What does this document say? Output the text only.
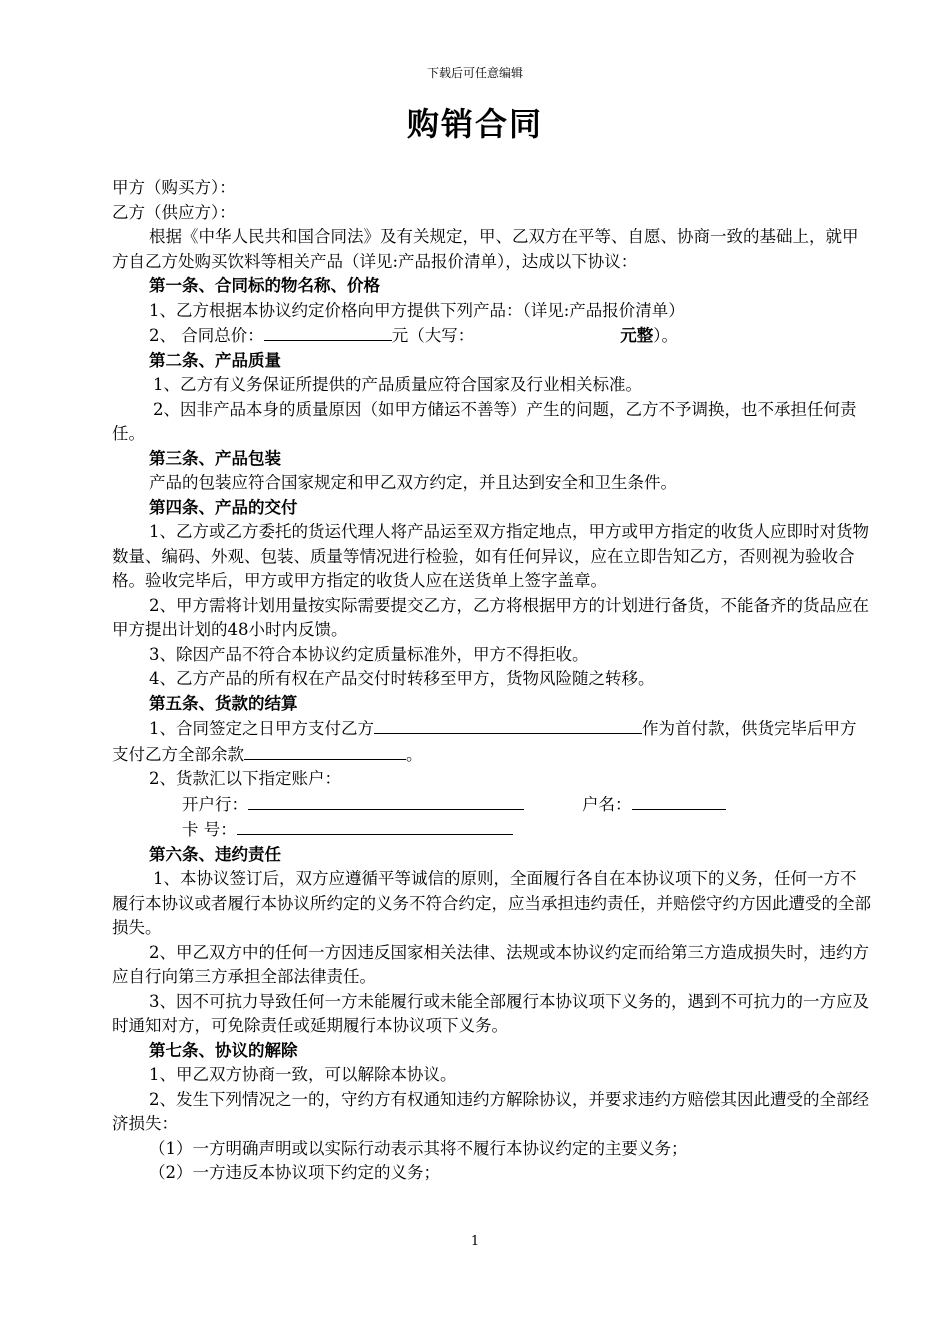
下载后可任意编辑
购销合同

甲方（购买方）：

乙方（供应方）：

根据《中华人民共和国合同法》及有关规定，甲、乙双方在平等、自愿、协商一致的基础上，就甲方自乙方处购买饮料等相关产品（详见:产品报价清单），达成以下协议：

第一条、合同标的物名称、价格

1、乙方根据本协议约定价格向甲方提供下列产品：（详见:产品报价清单）

2、 合同总价：	元（大写：	元整）。

第二条、产品质量

1、乙方有义务保证所提供的产品质量应符合国家及行业相关标准。

2、因非产品本身的质量原因（如甲方储运不善等）产生的问题，乙方不予调换，也不承担任何责任。

第三条、产品包装

产品的包装应符合国家规定和甲乙双方约定，并且达到安全和卫生条件。

第四条、产品的交付

1、乙方或乙方委托的货运代理人将产品运至双方指定地点，甲方或甲方指定的收货人应即时对货物数量、编码、外观、包装、质量等情况进行检验，如有任何异议，应在立即告知乙方，否则视为验收合格。验收完毕后，甲方或甲方指定的收货人应在送货单上签字盖章。

2、甲方需将计划用量按实际需要提交乙方，乙方将根据甲方的计划进行备货，不能备齐的货品应在甲方提出计划的48小时内反馈。

3、除因产品不符合本协议约定质量标准外，甲方不得拒收。

4、乙方产品的所有权在产品交付时转移至甲方，货物风险随之转移。

第五条、货款的结算

1、合同签定之日甲方支付乙方	作为首付款，供货完毕后甲方支付乙方全部余款	。

2、货款汇以下指定账户：

开户行：	户名：

卡 号：

第六条、违约责任

1、本协议签订后，双方应遵循平等诚信的原则，全面履行各自在本协议项下的义务，任何一方不履行本协议或者履行本协议所约定的义务不符合约定，应当承担违约责任，并赔偿守约方因此遭受的全部损失。

2、甲乙双方中的任何一方因违反国家相关法律、法规或本协议约定而给第三方造成损失时，违约方应自行向第三方承担全部法律责任。

3、因不可抗力导致任何一方未能履行或未能全部履行本协议项下义务的，遇到不可抗力的一方应及时通知对方，可免除责任或延期履行本协议项下义务。

第七条、协议的解除

1、甲乙双方协商一致，可以解除本协议。

2、发生下列情况之一的，守约方有权通知违约方解除协议，并要求违约方赔偿其因此遭受的全部经济损失：

（1）一方明确声明或以实际行动表示其将不履行本协议约定的主要义务；

（2）一方违反本协议项下约定的义务；

1
